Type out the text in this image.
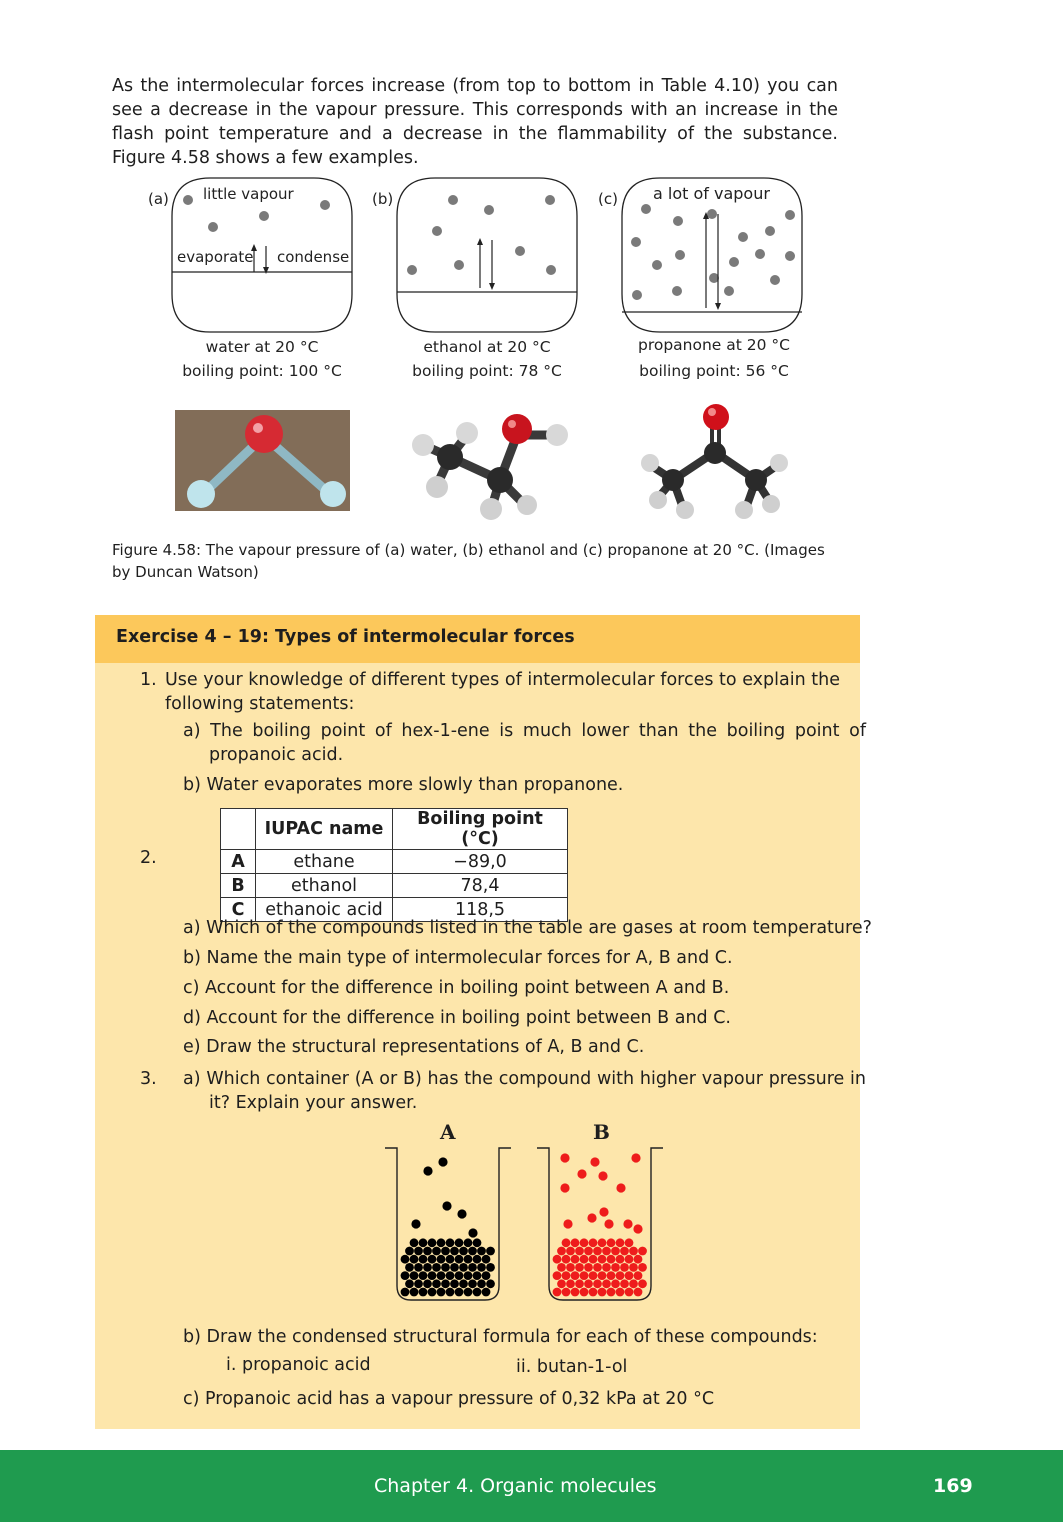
As the intermolecular forces increase (from top to bottom in Table 4.10) you can see a decrease in the vapour pressure. This corresponds with an increase in the flash point temperature and a decrease in the flammability of the substance. Figure 4.58 shows a few examples.
(a) little vapour
evaporate condense
water at 20 °C
boiling point: 100 °C
(b)
ethanol at 20 °C
boiling point: 78 °C
(c) a lot of vapour
propanone at 20 °C
boiling point: 56 °C
Figure 4.58: The vapour pressure of (a) water, (b) ethanol and (c) propanone at 20 °C. (Images by Duncan Watson)
Exercise 4 – 19: Types of intermolecular forces
1. Use your knowledge of different types of intermolecular forces to explain the following statements:
a) The boiling point of hex-1-ene is much lower than the boiling point of propanoic acid.
b) Water evaporates more slowly than propanone.
2.
	IUPAC name	Boiling point (°C)
A	ethane	−89,0
B	ethanol	78,4
C	ethanoic acid	118,5
a) Which of the compounds listed in the table are gases at room temperature?
b) Name the main type of intermolecular forces for A, B and C.
c) Account for the difference in boiling point between A and B.
d) Account for the difference in boiling point between B and C.
e) Draw the structural representations of A, B and C.
3. a) Which container (A or B) has the compound with higher vapour pressure in it? Explain your answer.
A	B
b) Draw the condensed structural formula for each of these compounds:
i. propanoic acid	ii. butan-1-ol
c) Propanoic acid has a vapour pressure of 0,32 kPa at 20 °C
Chapter 4. Organic molecules	169
